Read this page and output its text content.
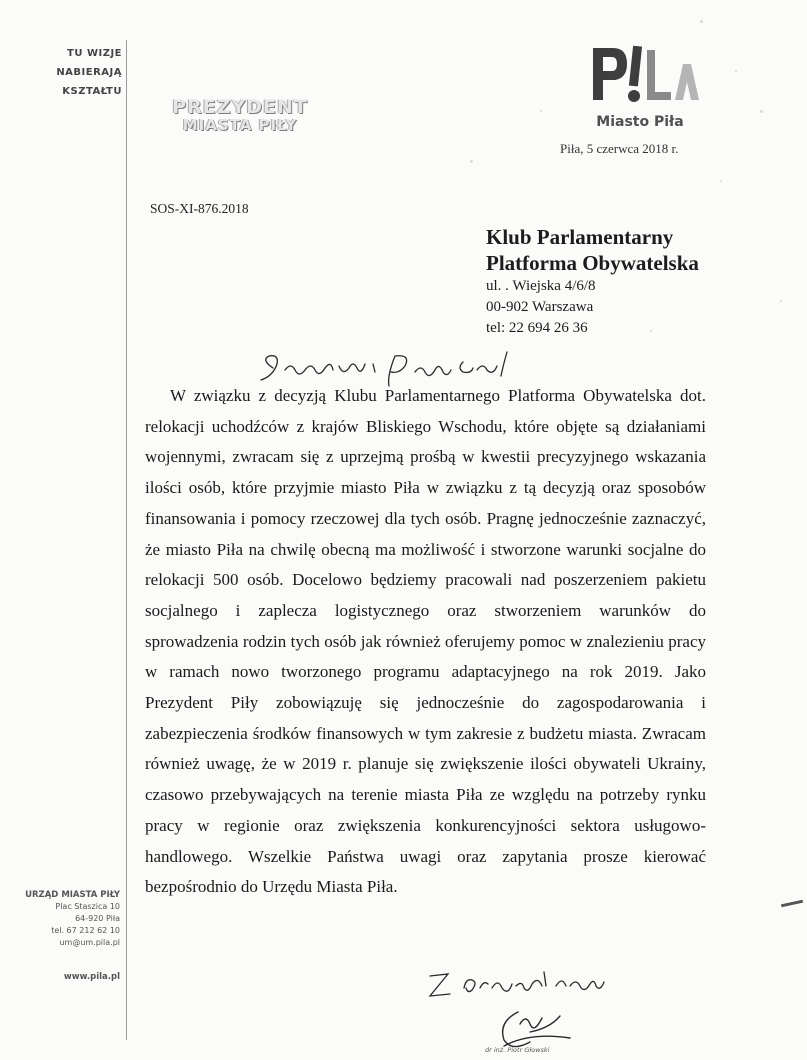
TU WIZJE
NABIERAJĄ
KSZTAŁTU
URZĄD MIASTA PIŁY
Plac Staszica 10
64-920 Piła
tel. 67 212 62 10
um@um.pila.pl
www.pila.pl
PREZYDENT
MIASTA PIŁY	Miasto Piła
Piła, 5 czerwca 2018 r.
SOS-XI-876.2018
Klub Parlamentarny
Platforma Obywatelska
ul. . Wiejska 4/6/8
00-902 Warszawa
tel: 22 694 26 36
W związku z decyzją Klubu Parlamentarnego Platforma Obywatelska dot. relokacji uchodźców z krajów Bliskiego Wschodu, które objęte są działaniami wojennymi, zwracam się z uprzejmą prośbą w kwestii precyzyjnego wskazania ilości osób, które przyjmie miasto Piła w związku z tą decyzją oraz sposobów finansowania i pomocy rzeczowej dla tych osób. Pragnę jednocześnie zaznaczyć, że miasto Piła na chwilę obecną ma możliwość i stworzone warunki socjalne do relokacji 500 osób. Docelowo będziemy pracowali nad poszerzeniem pakietu socjalnego i zaplecza logistycznego oraz stworzeniem warunków do sprowadzenia rodzin tych osób jak również oferujemy pomoc w znalezieniu pracy w ramach nowo tworzonego programu adaptacyjnego na rok 2019. Jako Prezydent Piły zobowiązuję się jednocześnie do zagospodarowania i zabezpieczenia środków finansowych w tym zakresie z budżetu miasta. Zwracam również uwagę, że w 2019 r. planuje się zwiększenie ilości obywateli Ukrainy, czasowo przebywających na terenie miasta Piła ze względu na potrzeby rynku pracy w regionie oraz zwiększenia konkurencyjności sektora usługowo-handlowego. Wszelkie Państwa uwagi oraz zapytania prosze kierować bezpośrodnio do Urzędu Miasta Piła.
dr inż. Piotr Głowski
